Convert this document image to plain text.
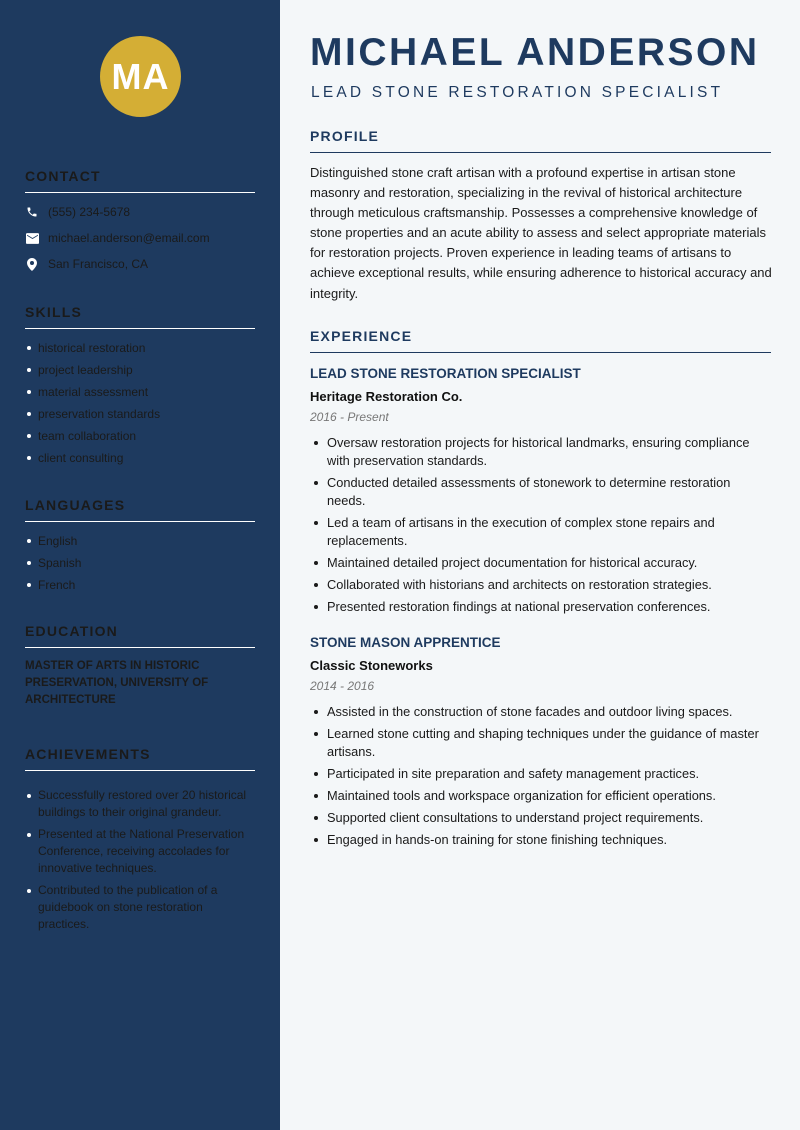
MA
CONTACT
(555) 234-5678
michael.anderson@email.com
San Francisco, CA
SKILLS
historical restoration
project leadership
material assessment
preservation standards
team collaboration
client consulting
LANGUAGES
English
Spanish
French
EDUCATION
MASTER OF ARTS IN HISTORIC PRESERVATION, UNIVERSITY OF ARCHITECTURE
ACHIEVEMENTS
Successfully restored over 20 historical buildings to their original grandeur.
Presented at the National Preservation Conference, receiving accolades for innovative techniques.
Contributed to the publication of a guidebook on stone restoration practices.
MICHAEL ANDERSON
LEAD STONE RESTORATION SPECIALIST
PROFILE
Distinguished stone craft artisan with a profound expertise in artisan stone masonry and restoration, specializing in the revival of historical architecture through meticulous craftsmanship. Possesses a comprehensive knowledge of stone properties and an acute ability to assess and select appropriate materials for restoration projects. Proven experience in leading teams of artisans to achieve exceptional results, while ensuring adherence to historical accuracy and integrity.
EXPERIENCE
LEAD STONE RESTORATION SPECIALIST
Heritage Restoration Co.
2016 - Present
Oversaw restoration projects for historical landmarks, ensuring compliance with preservation standards.
Conducted detailed assessments of stonework to determine restoration needs.
Led a team of artisans in the execution of complex stone repairs and replacements.
Maintained detailed project documentation for historical accuracy.
Collaborated with historians and architects on restoration strategies.
Presented restoration findings at national preservation conferences.
STONE MASON APPRENTICE
Classic Stoneworks
2014 - 2016
Assisted in the construction of stone facades and outdoor living spaces.
Learned stone cutting and shaping techniques under the guidance of master artisans.
Participated in site preparation and safety management practices.
Maintained tools and workspace organization for efficient operations.
Supported client consultations to understand project requirements.
Engaged in hands-on training for stone finishing techniques.
